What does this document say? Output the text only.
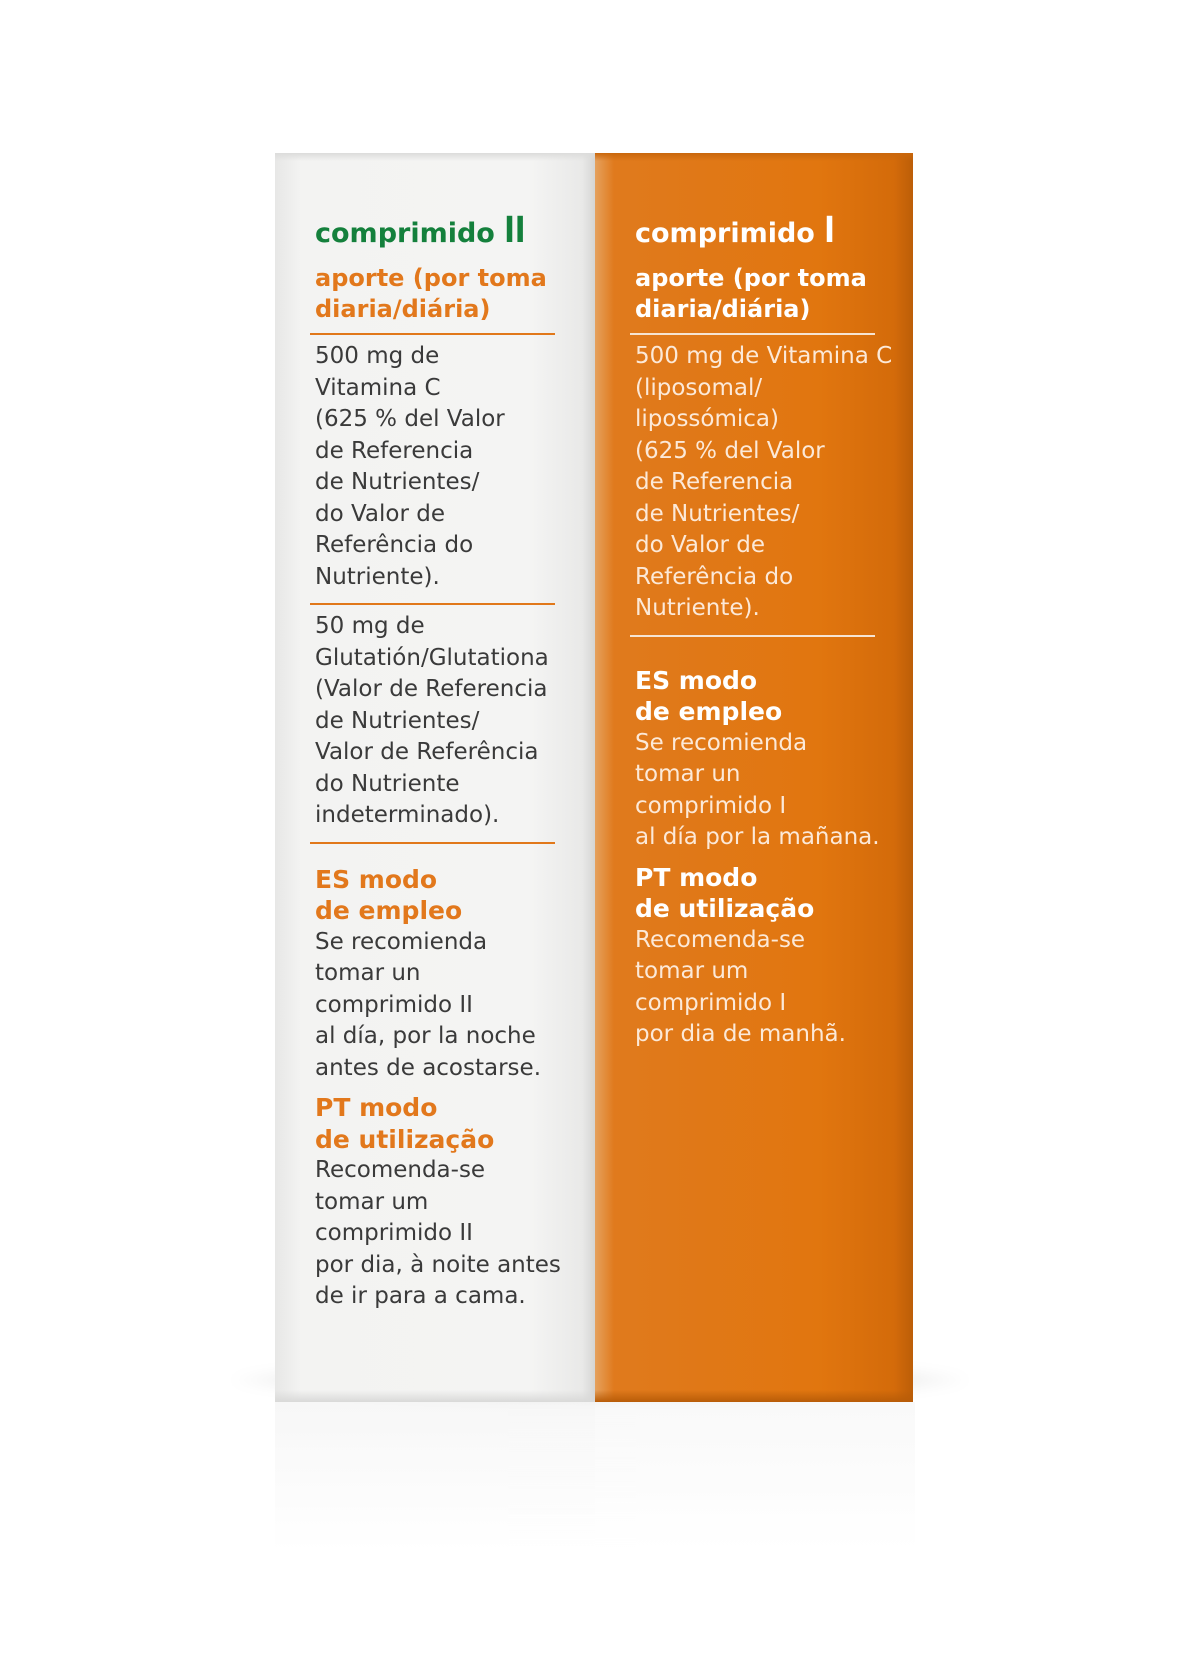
comprimido II
aporte (por toma
diaria/diária)
500 mg de
Vitamina C
(625 % del Valor
de Referencia
de Nutrientes/
do Valor de
Referência do
Nutriente).
50 mg de
Glutatión/Glutationa
(Valor de Referencia
de Nutrientes/
Valor de Referência
do Nutriente
indeterminado).
ES modo
de empleo
Se recomienda
tomar un
comprimido II
al día, por la noche
antes de acostarse.
PT modo
de utilização
Recomenda-se
tomar um
comprimido II
por dia, à noite antes
de ir para a cama.
comprimido I
aporte (por toma
diaria/diária)
500 mg de Vitamina C
(liposomal/
lipossómica)
(625 % del Valor
de Referencia
de Nutrientes/
do Valor de
Referência do
Nutriente).
ES modo
de empleo
Se recomienda
tomar un
comprimido I
al día por la mañana.
PT modo
de utilização
Recomenda-se
tomar um
comprimido I
por dia de manhã.
